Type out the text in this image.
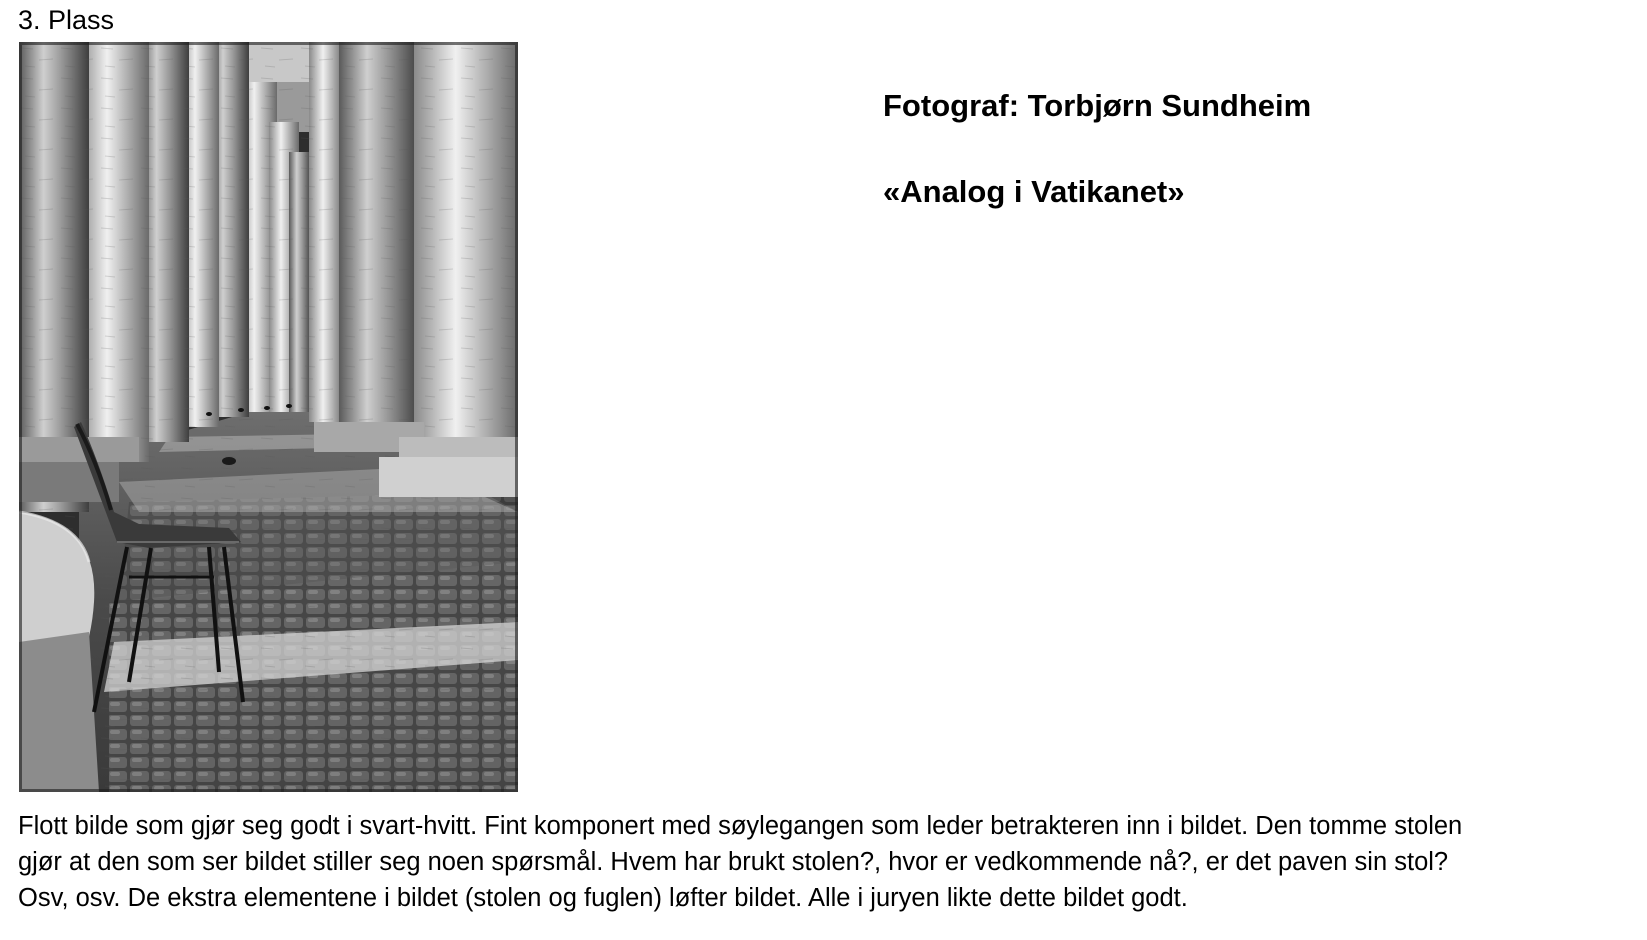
3. Plass
Fotograf: Torbjørn Sundheim
«Analog i Vatikanet»

Flott bilde som gjør seg godt i svart-hvitt. Fint komponert med søylegangen som leder betrakteren inn i bildet. Den tomme stolen
gjør at den som ser bildet stiller seg noen spørsmål. Hvem har brukt stolen?, hvor er vedkommende nå?, er det paven sin stol?
Osv, osv. De ekstra elementene i bildet (stolen og fuglen) løfter bildet. Alle i juryen likte dette bildet godt.
